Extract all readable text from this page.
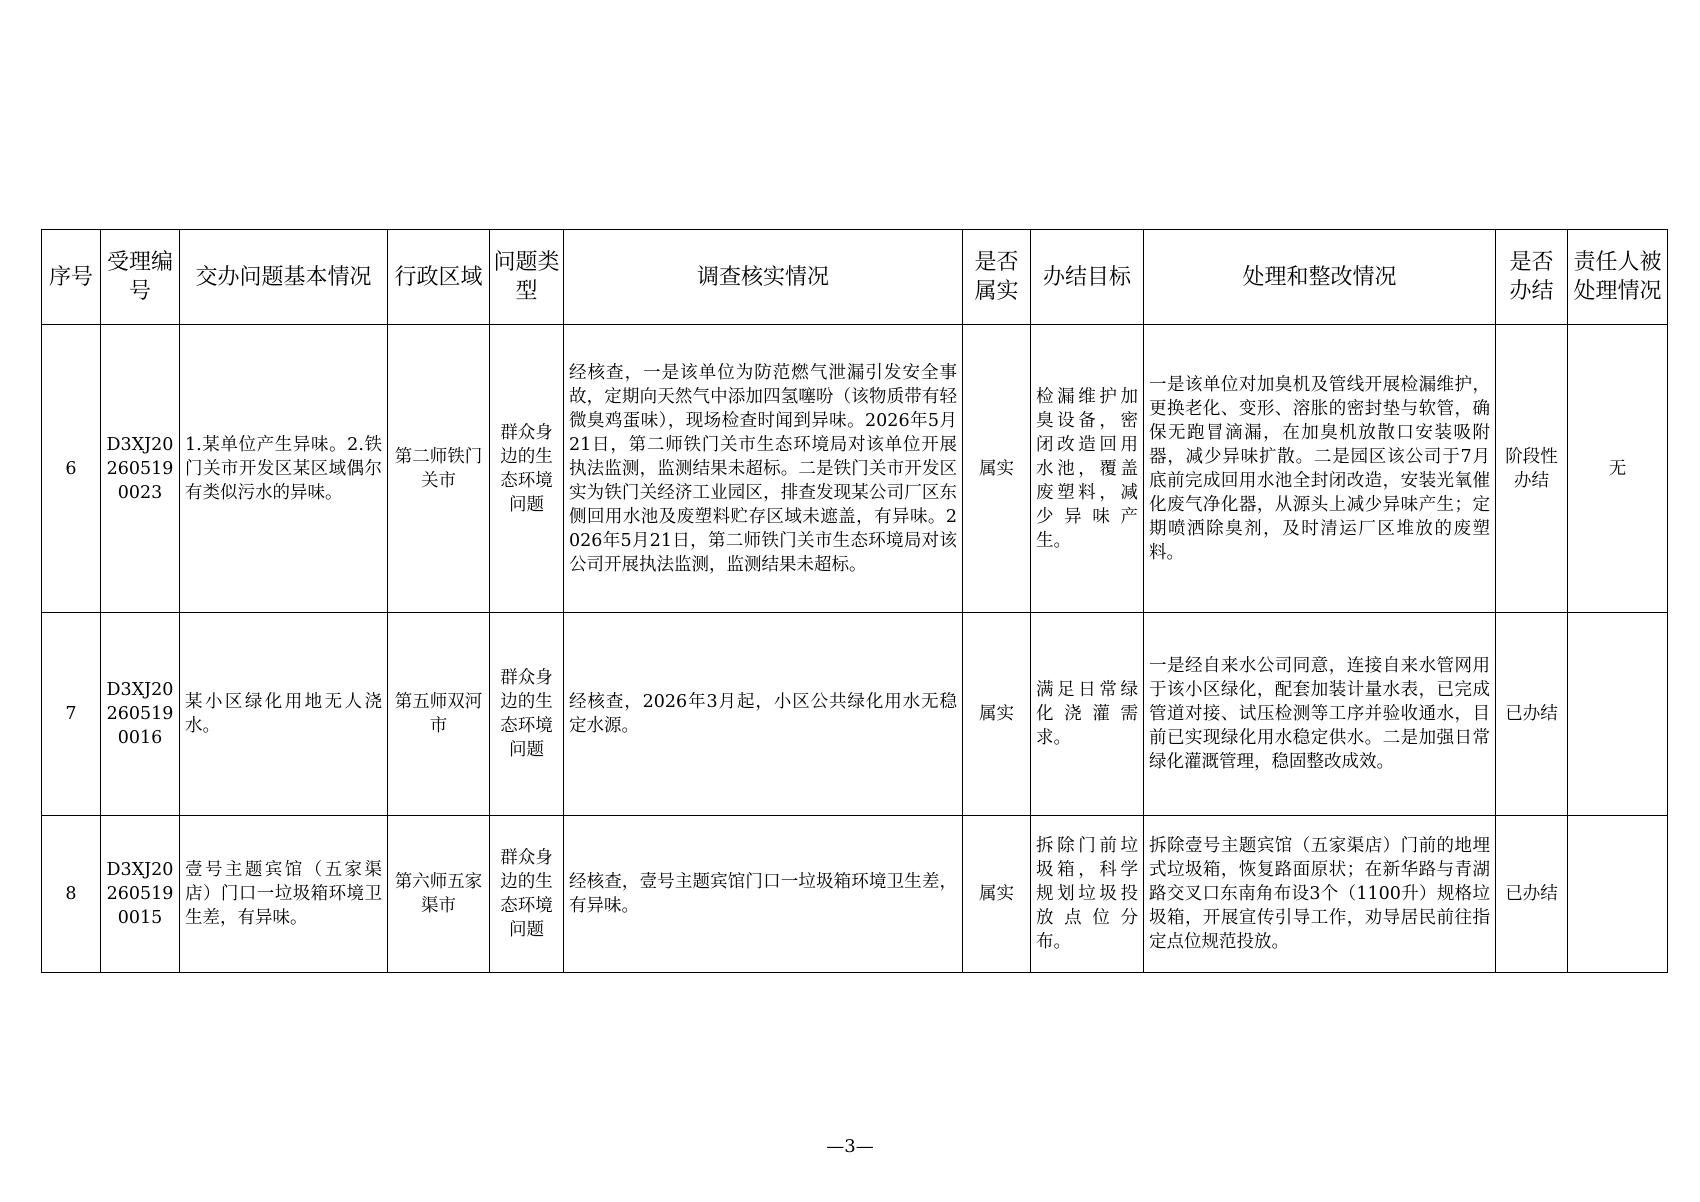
序号	受理编号	交办问题基本情况	行政区域	问题类型	调查核实情况	是否属实	办结目标	处理和整改情况	是否办结	责任人被处理情况
6	D3XJ202605190023	1.某单位产生异味。2.铁门关市开发区某区域偶尔有类似污水的异味。	第二师铁门关市	群众身边的生态环境问题	经核查，一是该单位为防范燃气泄漏引发安全事故，定期向天然气中添加四氢噻吩（该物质带有轻微臭鸡蛋味），现场检查时闻到异味。2026年5月21日，第二师铁门关市生态环境局对该单位开展执法监测，监测结果未超标。二是铁门关市开发区实为铁门关经济工业园区，排查发现某公司厂区东侧回用水池及废塑料贮存区域未遮盖，有异味。2026年5月21日，第二师铁门关市生态环境局对该公司开展执法监测，监测结果未超标。	属实	检漏维护加臭设备，密闭改造回用水池，覆盖废塑料，减少异味产生。	一是该单位对加臭机及管线开展检漏维护，更换老化、变形、溶胀的密封垫与软管，确保无跑冒滴漏，在加臭机放散口安装吸附器，减少异味扩散。二是园区该公司于7月底前完成回用水池全封闭改造，安装光氧催化废气净化器，从源头上减少异味产生；定期喷洒除臭剂，及时清运厂区堆放的废塑料。	阶段性办结	无
7	D3XJ202605190016	某小区绿化用地无人浇水。	第五师双河市	群众身边的生态环境问题	经核查，2026年3月起，小区公共绿化用水无稳定水源。	属实	满足日常绿化浇灌需求。	一是经自来水公司同意，连接自来水管网用于该小区绿化，配套加装计量水表，已完成管道对接、试压检测等工序并验收通水，目前已实现绿化用水稳定供水。二是加强日常绿化灌溉管理，稳固整改成效。	已办结	
8	D3XJ202605190015	壹号主题宾馆（五家渠店）门口一垃圾箱环境卫生差，有异味。	第六师五家渠市	群众身边的生态环境问题	经核查，壹号主题宾馆门口一垃圾箱环境卫生差，有异味。	属实	拆除门前垃圾箱，科学规划垃圾投放点位分布。	拆除壹号主题宾馆（五家渠店）门前的地埋式垃圾箱，恢复路面原状；在新华路与青湖路交叉口东南角布设3个（1100升）规格垃圾箱，开展宣传引导工作，劝导居民前往指定点位规范投放。	已办结	
—3—
